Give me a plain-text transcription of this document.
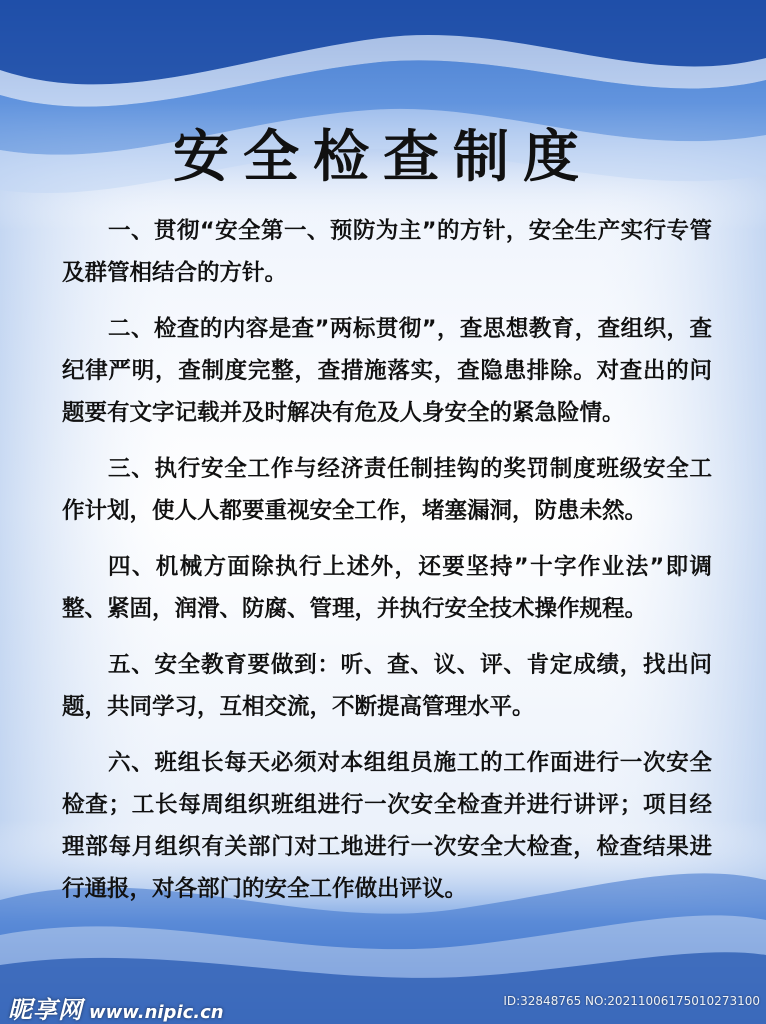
安全检查制度

一、贯彻“安全第一、预防为主”的方针，安全生产实行专管及群管相结合的方针。

二、检查的内容是查”两标贯彻”，查思想教育，查组织，查纪律严明，查制度完整，查措施落实，查隐患排除。对查出的问题要有文字记载并及时解决有危及人身安全的紧急险情。

三、执行安全工作与经济责任制挂钩的奖罚制度班级安全工作计划，使人人都要重视安全工作，堵塞漏洞，防患未然。

四、机械方面除执行上述外，还要坚持”十字作业法”即调整、紧固，润滑、防腐、管理，并执行安全技术操作规程。

五、安全教育要做到：听、查、议、评、肯定成绩，找出问题，共同学习，互相交流，不断提高管理水平。

六、班组长每天必须对本组组员施工的工作面进行一次安全检查；工长每周组织班组进行一次安全检查并进行讲评；项目经理部每月组织有关部门对工地进行一次安全大检查，检查结果进行通报，对各部门的安全工作做出评议。

昵享网 www.nipic.cn
ID:32848765 NO:20211006175010273100
